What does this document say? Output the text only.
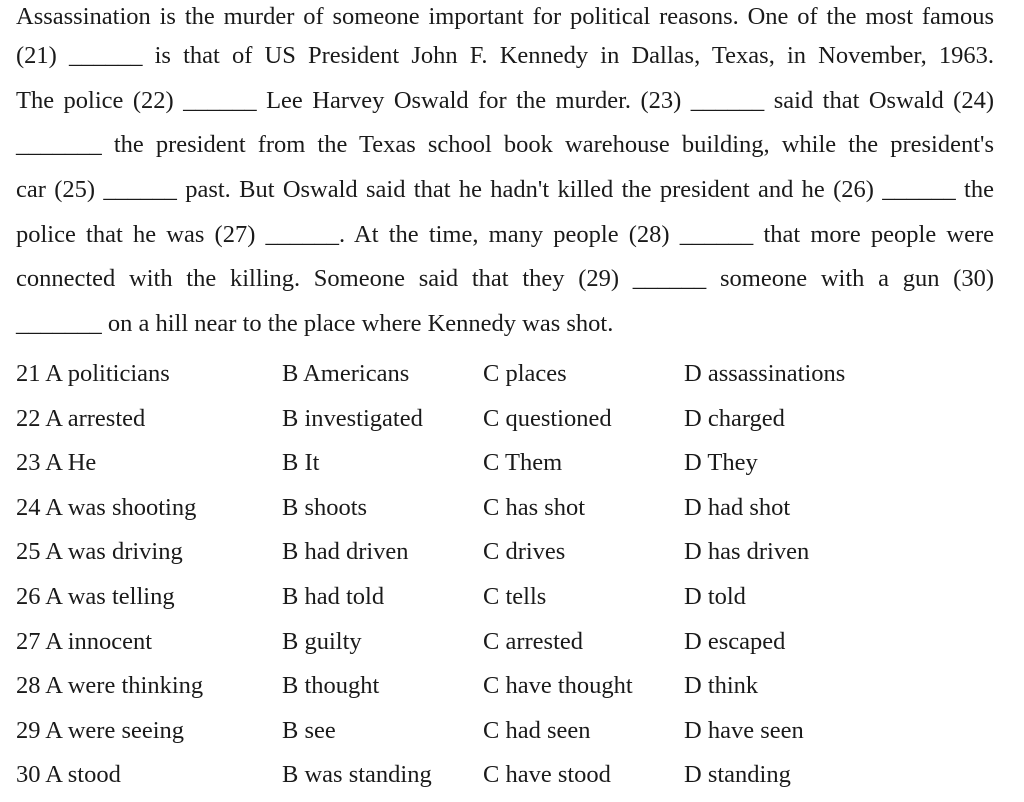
Assassination is the murder of someone important for political reasons. One of the most famous
(21) ______ is that of US President John F. Kennedy in Dallas, Texas, in November, 1963.
The police (22) ______ Lee Harvey Oswald for the murder. (23) ______ said that Oswald (24)
_______ the president from the Texas school book warehouse building, while the president's
car (25) ______ past. But Oswald said that he hadn't killed the president and he (26) ______ the
police that he was (27) ______. At the time, many people (28) ______ that more people were
connected with the killing. Someone said that they (29) ______ someone with a gun (30)
_______ on a hill near to the place where Kennedy was shot.
21 A politicians	B Americans	C places	D assassinations
22 A arrested	B investigated C questioned	D charged
23 A He	B It	C Them	D They
24 A was shooting	B shoots	C has shot	D had shot
25 A was driving	B had driven	C drives	D has driven
26 A was telling	B had told	C tells	D told
27 A innocent	B guilty	C arrested	D escaped
28 A were thinking	B thought	C have thought D think
29 A were seeing	B see	C had seen	D have seen
30 A stood	B was standing C have stood	D standing
